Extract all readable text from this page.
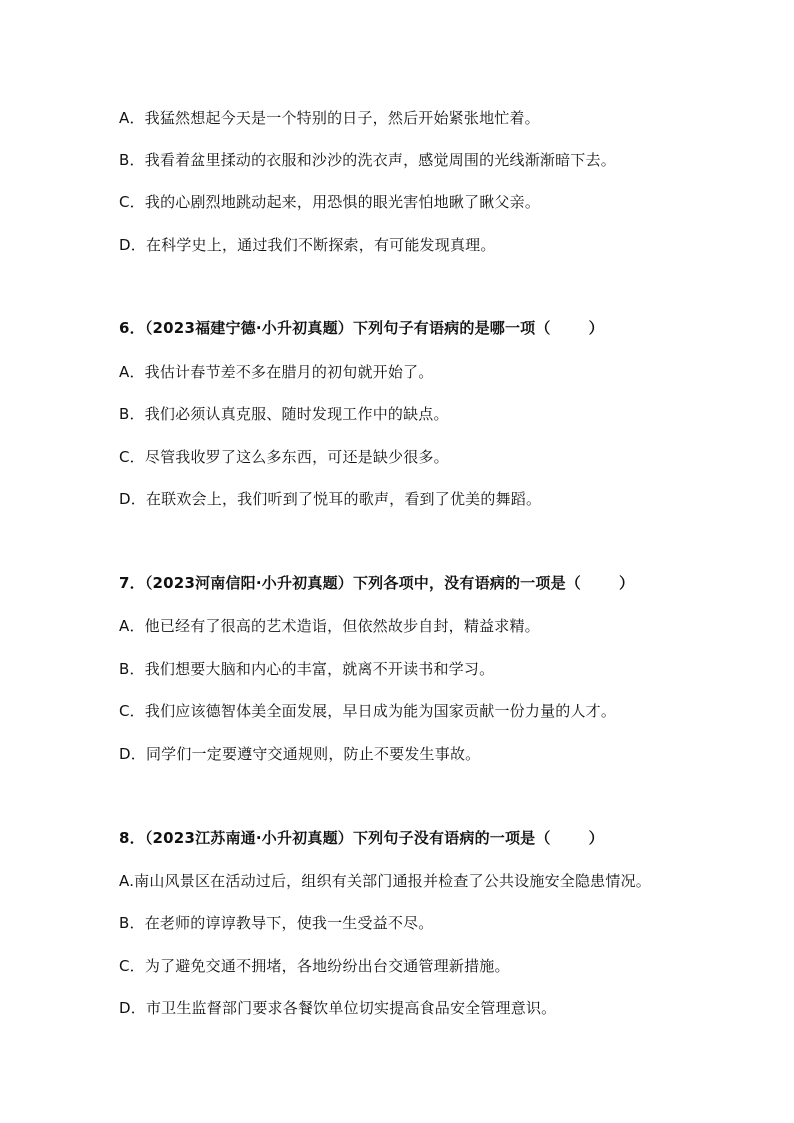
A．我猛然想起今天是一个特别的日子，然后开始紧张地忙着。
B．我看着盆里揉动的衣服和沙沙的洗衣声，感觉周围的光线渐渐暗下去。
C．我的心剧烈地跳动起来，用恐惧的眼光害怕地瞅了瞅父亲。
D．在科学史上，通过我们不断探索，有可能发现真理。
6．（2023福建宁德·小升初真题）下列句子有语病的是哪一项（	）
A．我估计春节差不多在腊月的初旬就开始了。
B．我们必须认真克服、随时发现工作中的缺点。
C．尽管我收罗了这么多东西，可还是缺少很多。
D．在联欢会上，我们听到了悦耳的歌声，看到了优美的舞蹈。
7．（2023河南信阳·小升初真题）下列各项中，没有语病的一项是（	）
A．他已经有了很高的艺术造诣，但依然故步自封，精益求精。
B．我们想要大脑和内心的丰富，就离不开读书和学习。
C．我们应该德智体美全面发展，早日成为能为国家贡献一份力量的人才。
D．同学们一定要遵守交通规则，防止不要发生事故。
8．（2023江苏南通·小升初真题）下列句子没有语病的一项是（	）
A.南山风景区在活动过后，组织有关部门通报并检查了公共设施安全隐患情况。
B．在老师的谆谆教导下，使我一生受益不尽。
C．为了避免交通不拥堵，各地纷纷出台交通管理新措施。
D．市卫生监督部门要求各餐饮单位切实提高食品安全管理意识。
